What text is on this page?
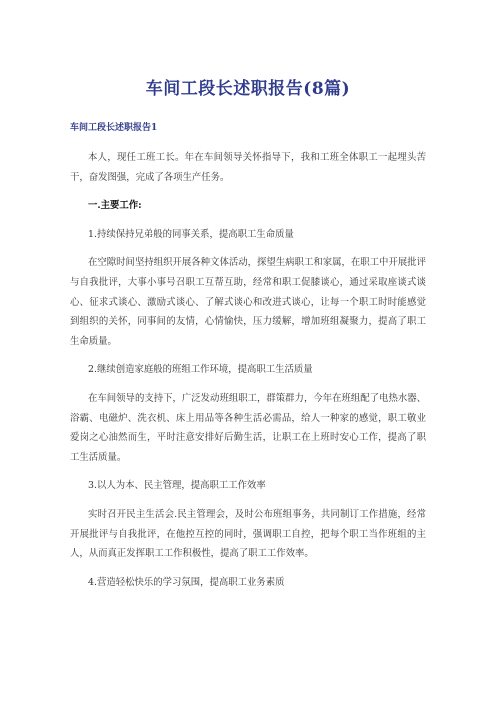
车间工段长述职报告(8篇)
车间工段长述职报告1

本人，现任工班工长。年在车间领导关怀指导下，我和工班全体职工一起埋头苦干，奋发图强，完成了各项生产任务。

一.主要工作:

1.持续保持兄弟般的同事关系，提高职工生命质量

在空隙时间坚持组织开展各种文体活动，探望生病职工和家属，在职工中开展批评与自我批评，大事小事号召职工互帮互助，经常和职工促膝谈心，通过采取座谈式谈心、征求式谈心、激励式谈心、了解式谈心和改进式谈心，让每一个职工时时能感觉到组织的关怀，同事间的友情，心情愉快，压力缓解，增加班组凝聚力，提高了职工生命质量。

2.继续创造家庭般的班组工作环境，提高职工生活质量

在车间领导的支持下，广泛发动班组职工，群策群力，今年在班组配了电热水器、浴霸、电磁炉、洗衣机、床上用品等各种生活必需品，给人一种家的感觉，职工敬业爱岗之心油然而生，平时注意安排好后勤生活，让职工在上班时安心工作，提高了职工生活质量。

3.以人为本、民主管理，提高职工工作效率

实时召开民主生活会.民主管理会，及时公布班组事务，共同制订工作措施，经常开展批评与自我批评，在他控互控的同时，强调职工自控，把每个职工当作班组的主人，从而真正发挥职工工作积极性，提高了职工工作效率。

4.营造轻松快乐的学习氛围，提高职工业务素质
